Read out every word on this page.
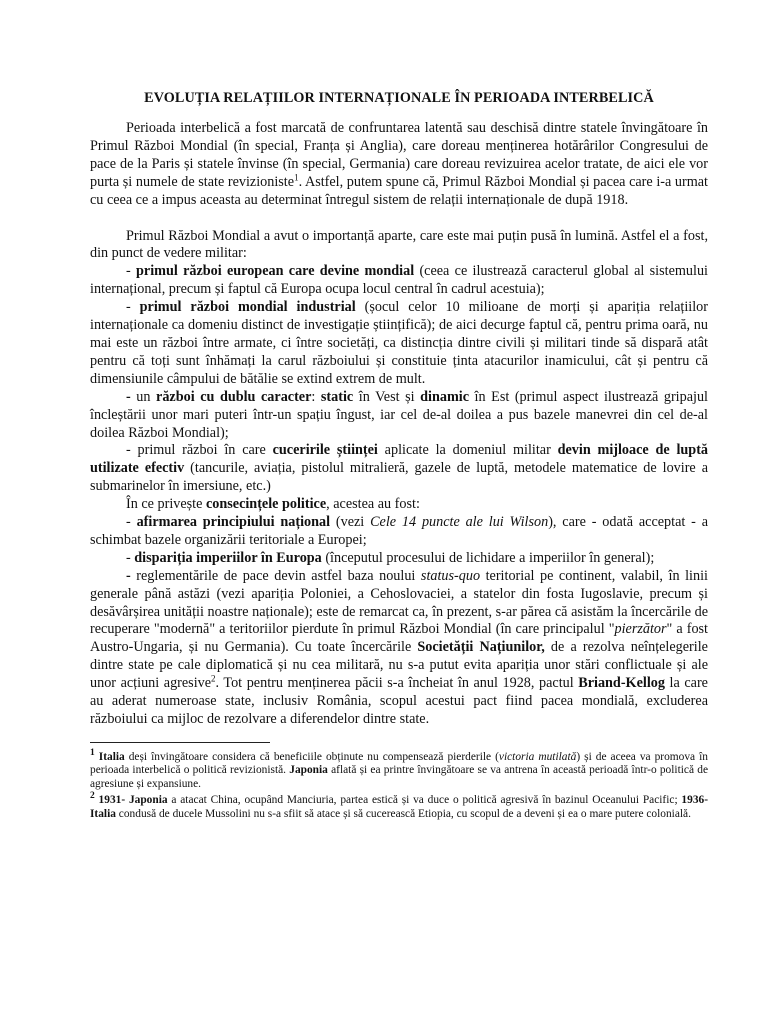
EVOLUȚIA RELAȚIILOR INTERNAȚIONALE ÎN PERIOADA INTERBELICĂ

Perioada interbelică a fost marcată de confruntarea latentă sau deschisă dintre statele învingătoare în Primul Război Mondial (în special, Franța și Anglia), care doreau menținerea hotărârilor Congresului de pace de la Paris și statele învinse (în special, Germania) care doreau revizuirea acelor tratate, de aici ele vor purta și numele de state revizioniste$^1$. Astfel, putem spune că, Primul Război Mondial și pacea care i-a urmat cu ceea ce a impus aceasta au determinat întregul sistem de relații internaționale de după 1918.

Primul Război Mondial a avut o importanță aparte, care este mai puțin pusă în lumină. Astfel el a fost, din punct de vedere militar:

- primul război european care devine mondial (ceea ce ilustrează caracterul global al sistemului internațional, precum și faptul că Europa ocupa locul central în cadrul acestuia);

- primul război mondial industrial (șocul celor 10 milioane de morți și apariția relațiilor internaționale ca domeniu distinct de investigație științifică); de aici decurge faptul că, pentru prima oară, nu mai este un război între armate, ci între societăți, ca distincția dintre civili și militari tinde să dispară atât pentru că toți sunt înhămați la carul războiului și constituie ținta atacurilor inamicului, cât și pentru că dimensiunile câmpului de bătălie se extind extrem de mult.

- un război cu dublu caracter: static în Vest și dinamic în Est (primul aspect ilustrează gripajul încleștării unor mari puteri într-un spațiu îngust, iar cel de-al doilea a pus bazele manevrei din cel de-al doilea Război Mondial);

- primul război în care cuceririle științei aplicate la domeniul militar devin mijloace de luptă utilizate efectiv (tancurile, aviația, pistolul mitralieră, gazele de luptă, metodele matematice de lovire a submarinelor în imersiune, etc.)

În ce privește consecințele politice, acestea au fost:

- afirmarea principiului național (vezi Cele 14 puncte ale lui Wilson), care - odată acceptat - a schimbat bazele organizării teritoriale a Europei;

- dispariția imperiilor în Europa (începutul procesului de lichidare a imperiilor în general);

- reglementările de pace devin astfel baza noului status-quo teritorial pe continent, valabil, în linii generale până astăzi (vezi apariția Poloniei, a Cehoslovaciei, a statelor din fosta Iugoslavie, precum și desăvârșirea unității noastre naționale); este de remarcat ca, în prezent, s-ar părea că asistăm la încercările de recuperare "modernă" a teritoriilor pierdute în primul Război Mondial (în care principalul "pierzător" a fost Austro-Ungaria, și nu Germania). Cu toate încercările Societății Națiunilor, de a rezolva neînțelegerile dintre state pe cale diplomatică și nu cea militară, nu s-a putut evita apariția unor stări conflictuale și ale unor acțiuni agresive$^2$. Tot pentru menținerea păcii s-a încheiat în anul 1928, pactul Briand-Kellog la care au aderat numeroase state, inclusiv România, scopul acestui pact fiind pacea mondială, excluderea războiului ca mijloc de rezolvare a diferendelor dintre state.

$^1$ Italia deși învingătoare considera că beneficiile obținute nu compensează pierderile (victoria mutilată) și de aceea va promova în perioada interbelică o politică revizionistă. Japonia aflată și ea printre învingătoare se va antrena în această perioadă într-o politică de agresiune și expansiune.

$^2$ 1931- Japonia a atacat China, ocupând Manciuria, partea estică și va duce o politică agresivă în bazinul Oceanului Pacific; 1936- Italia condusă de ducele Mussolini nu s-a sfiit să atace și să cucerească Etiopia, cu scopul de a deveni și ea o mare putere colonială.
